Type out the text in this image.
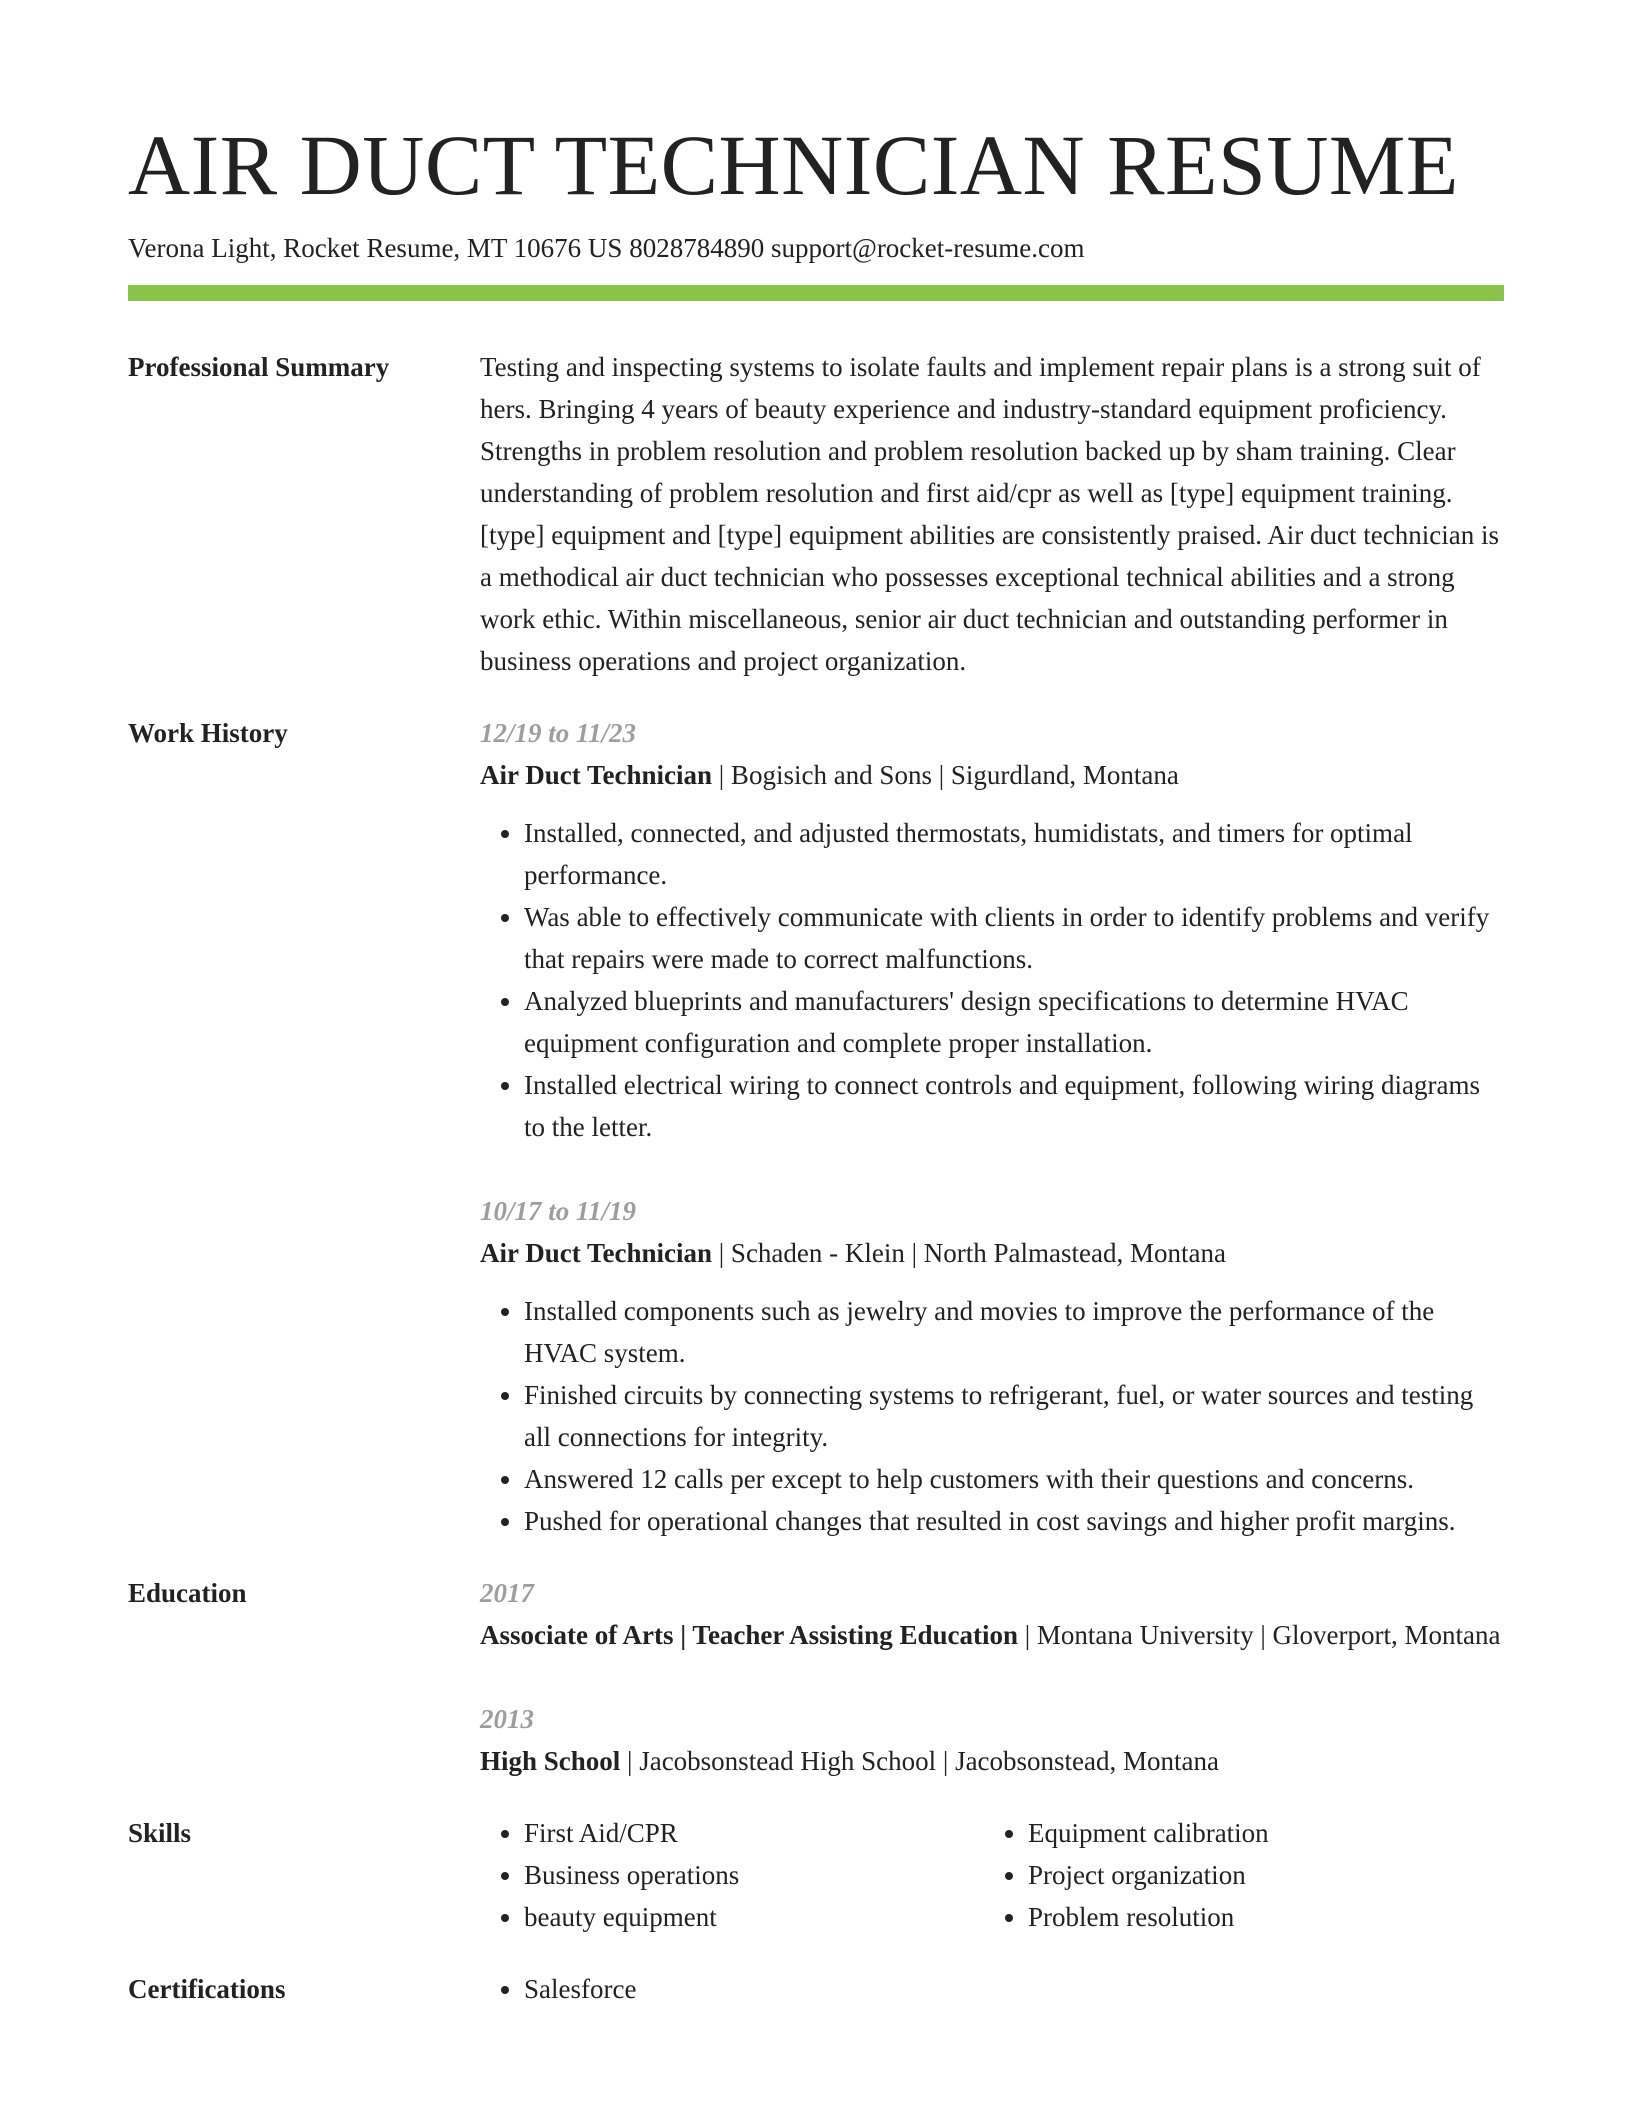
AIR DUCT TECHNICIAN RESUME
Verona Light, Rocket Resume, MT 10676 US 8028784890 support@rocket-resume.com
Professional Summary	Testing and inspecting systems to isolate faults and implement repair plans is a strong suit of hers. Bringing 4 years of beauty experience and industry-standard equipment proficiency. Strengths in problem resolution and problem resolution backed up by sham training. Clear understanding of problem resolution and first aid/cpr as well as [type] equipment training. [type] equipment and [type] equipment abilities are consistently praised. Air duct technician is a methodical air duct technician who possesses exceptional technical abilities and a strong work ethic. Within miscellaneous, senior air duct technician and outstanding performer in business operations and project organization.

Work History	12/19 to 11/23
Air Duct Technician | Bogisich and Sons | Sigurdland, Montana
• Installed, connected, and adjusted thermostats, humidistats, and timers for optimal performance.
• Was able to effectively communicate with clients in order to identify problems and verify that repairs were made to correct malfunctions.
• Analyzed blueprints and manufacturers' design specifications to determine HVAC equipment configuration and complete proper installation.
• Installed electrical wiring to connect controls and equipment, following wiring diagrams to the letter.
10/17 to 11/19
Air Duct Technician | Schaden - Klein | North Palmastead, Montana
• Installed components such as jewelry and movies to improve the performance of the HVAC system.
• Finished circuits by connecting systems to refrigerant, fuel, or water sources and testing all connections for integrity.
• Answered 12 calls per except to help customers with their questions and concerns.
• Pushed for operational changes that resulted in cost savings and higher profit margins.
Education	2017
Associate of Arts | Teacher Assisting Education | Montana University | Gloverport, Montana
2013
High School | Jacobsonstead High School | Jacobsonstead, Montana
Skills	• First Aid/CPR
• Business operations
• beauty equipment
• Equipment calibration
• Project organization
• Problem resolution
Certifications	• Salesforce
